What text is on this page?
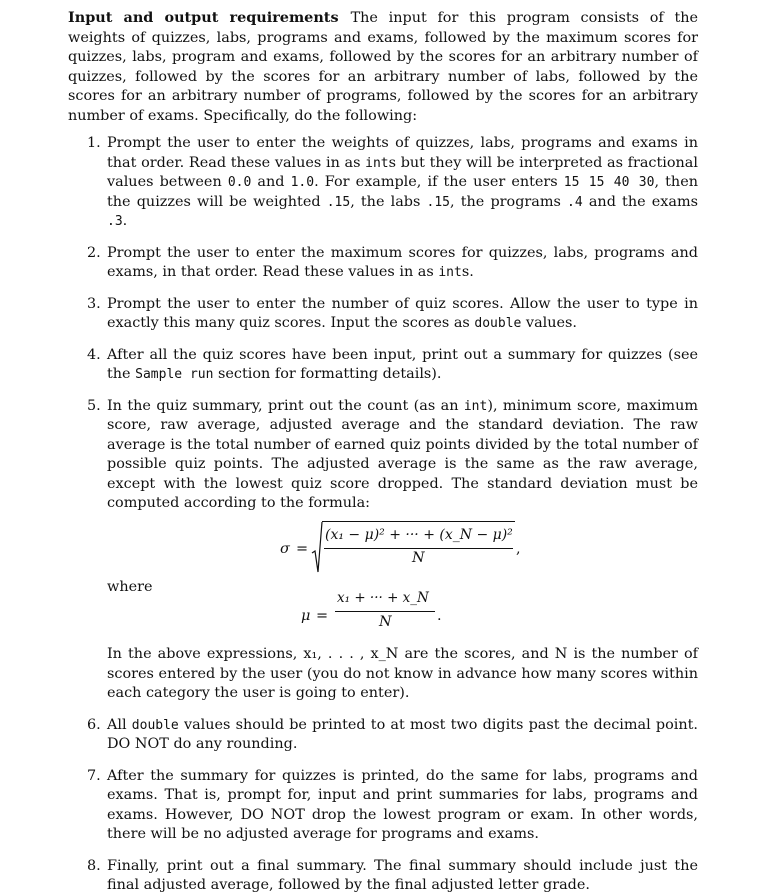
Input and output requirements The input for this program consists of the weights of quizzes, labs, programs and exams, followed by the maximum scores for quizzes, labs, program and exams, followed by the scores for an arbitrary number of quizzes, followed by the scores for an arbitrary number of labs, followed by the scores for an arbitrary number of programs, followed by the scores for an arbitrary number of exams. Specifically, do the following:

1. Prompt the user to enter the weights of quizzes, labs, programs and exams in that order. Read these values in as ints but they will be interpreted as fractional values between 0.0 and 1.0. For example, if the user enters 15 15 40 30, then the quizzes will be weighted .15, the labs .15, the programs .4 and the exams .3.
2. Prompt the user to enter the maximum scores for quizzes, labs, programs and exams, in that order. Read these values in as ints.
3. Prompt the user to enter the number of quiz scores. Allow the user to type in exactly this many quiz scores. Input the scores as double values.
4. After all the quiz scores have been input, print out a summary for quizzes (see the Sample run section for formatting details).
5. In the quiz summary, print out the count (as an int), minimum score, maximum score, raw average, adjusted average and the standard deviation. The raw average is the total number of earned quiz points divided by the total number of possible quiz points. The adjusted average is the same as the raw average, except with the lowest quiz score dropped. The standard deviation must be computed according to the formula:
σ =
(x₁ − μ)² + ··· + (x_N − μ)²
N
,

where

μ =
x₁ + ··· + x_N
N	.

In the above expressions, x₁, . . . , x_N are the scores, and N is the number of scores entered by the user (you do not know in advance how many scores within each category the user is going to enter).

6. All double values should be printed to at most two digits past the decimal point. DO NOT do any rounding.
7. After the summary for quizzes is printed, do the same for labs, programs and exams. That is, prompt for, input and print summaries for labs, programs and exams. However, DO NOT drop the lowest program or exam. In other words, there will be no adjusted average for programs and exams.
8. Finally, print out a final summary. The final summary should include just the final adjusted average, followed by the final adjusted letter grade.
